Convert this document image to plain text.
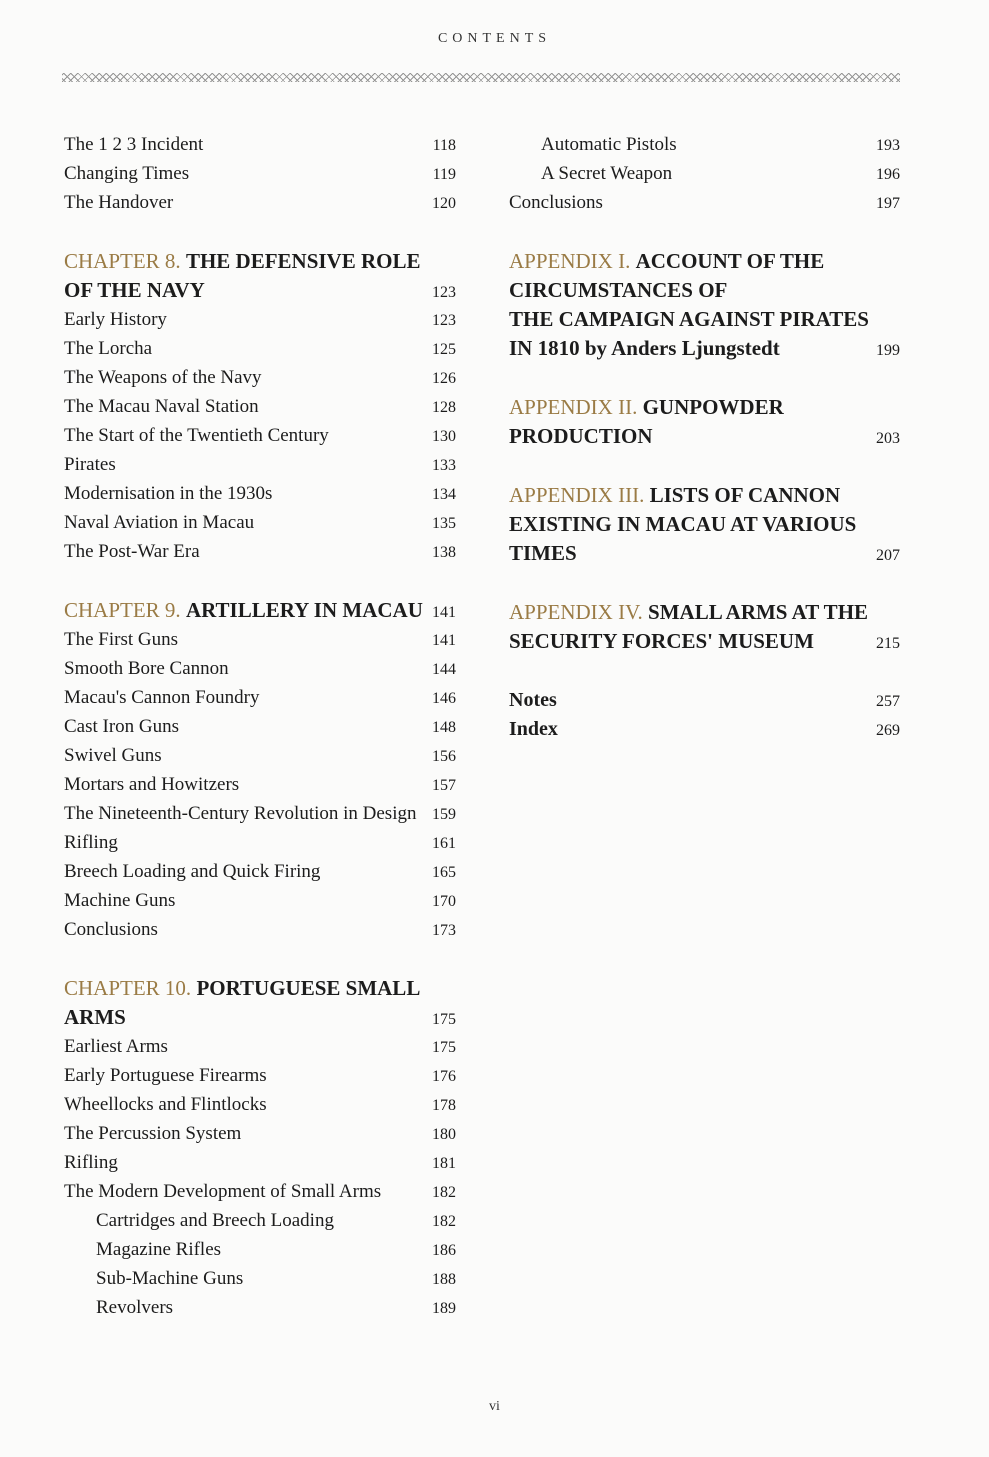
CONTENTS
The 1 2 3 Incident	118
Changing Times	119
The Handover	120
CHAPTER 8. THE DEFENSIVE ROLE
OF THE NAVY	123
Early History	123
The Lorcha	125
The Weapons of the Navy	126
The Macau Naval Station	128
The Start of the Twentieth Century	130
Pirates	133
Modernisation in the 1930s	134
Naval Aviation in Macau	135
The Post-War Era	138
CHAPTER 9. ARTILLERY IN MACAU 141
The First Guns	141
Smooth Bore Cannon	144
Macau's Cannon Foundry	146
Cast Iron Guns	148
Swivel Guns	156
Mortars and Howitzers	157
The Nineteenth-Century Revolution in Design 159
Rifling	161
Breech Loading and Quick Firing	165
Machine Guns	170
Conclusions	173
CHAPTER 10. PORTUGUESE SMALL
ARMS	175
Earliest Arms	175
Early Portuguese Firearms	176
Wheellocks and Flintlocks	178
The Percussion System	180
Rifling	181
The Modern Development of Small Arms	182
Cartridges and Breech Loading	182
Magazine Rifles	186
Sub-Machine Guns	188
Revolvers	189
Automatic Pistols	193
A Secret Weapon	196
Conclusions	197
APPENDIX I. ACCOUNT OF THE
CIRCUMSTANCES OF
THE CAMPAIGN AGAINST PIRATES
IN 1810 by Anders Ljungstedt	199
APPENDIX II. GUNPOWDER
PRODUCTION	203
APPENDIX III. LISTS OF CANNON
EXISTING IN MACAU AT VARIOUS
TIMES	207
APPENDIX IV. SMALL ARMS AT THE
SECURITY FORCES' MUSEUM	215
Notes	257
Index	269
vi
